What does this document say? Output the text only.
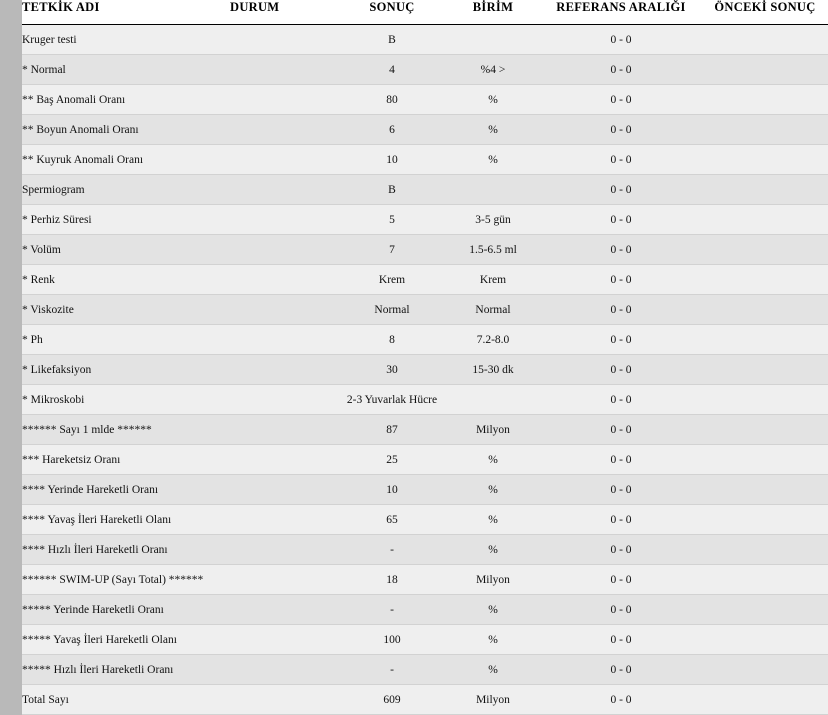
TETKİK ADI	DURUM	SONUÇ	BİRİM	REFERANS ARALIĞI	ÖNCEKİ SONUÇ
Kruger testi		B		0 - 0	
* Normal		4	%4 >	0 - 0	
** Baş Anomali Oranı		80	%	0 - 0	
** Boyun Anomali Oranı		6	%	0 - 0	
** Kuyruk Anomali Oranı		10	%	0 - 0	
Spermiogram		B		0 - 0	
* Perhiz Süresi		5	3-5 gün	0 - 0	
* Volüm		7	1.5-6.5 ml	0 - 0	
* Renk		Krem	Krem	0 - 0	
* Viskozite		Normal	Normal	0 - 0	
* Ph		8	7.2-8.0	0 - 0	
* Likefaksiyon		30	15-30 dk	0 - 0	
* Mikroskobi		2-3 Yuvarlak Hücre		0 - 0	
****** Sayı 1 mlde ******		87	Milyon	0 - 0	
*** Hareketsiz Oranı		25	%	0 - 0	
**** Yerinde Hareketli Oranı		10	%	0 - 0	
**** Yavaş İleri Hareketli Olanı		65	%	0 - 0	
**** Hızlı İleri Hareketli Oranı		-	%	0 - 0	
****** SWIM-UP (Sayı Total) ******		18	Milyon	0 - 0	
***** Yerinde Hareketli Oranı		-	%	0 - 0	
***** Yavaş İleri Hareketli Olanı		100	%	0 - 0	
***** Hızlı İleri Hareketli Oranı		-	%	0 - 0	
Total Sayı		609	Milyon	0 - 0	
